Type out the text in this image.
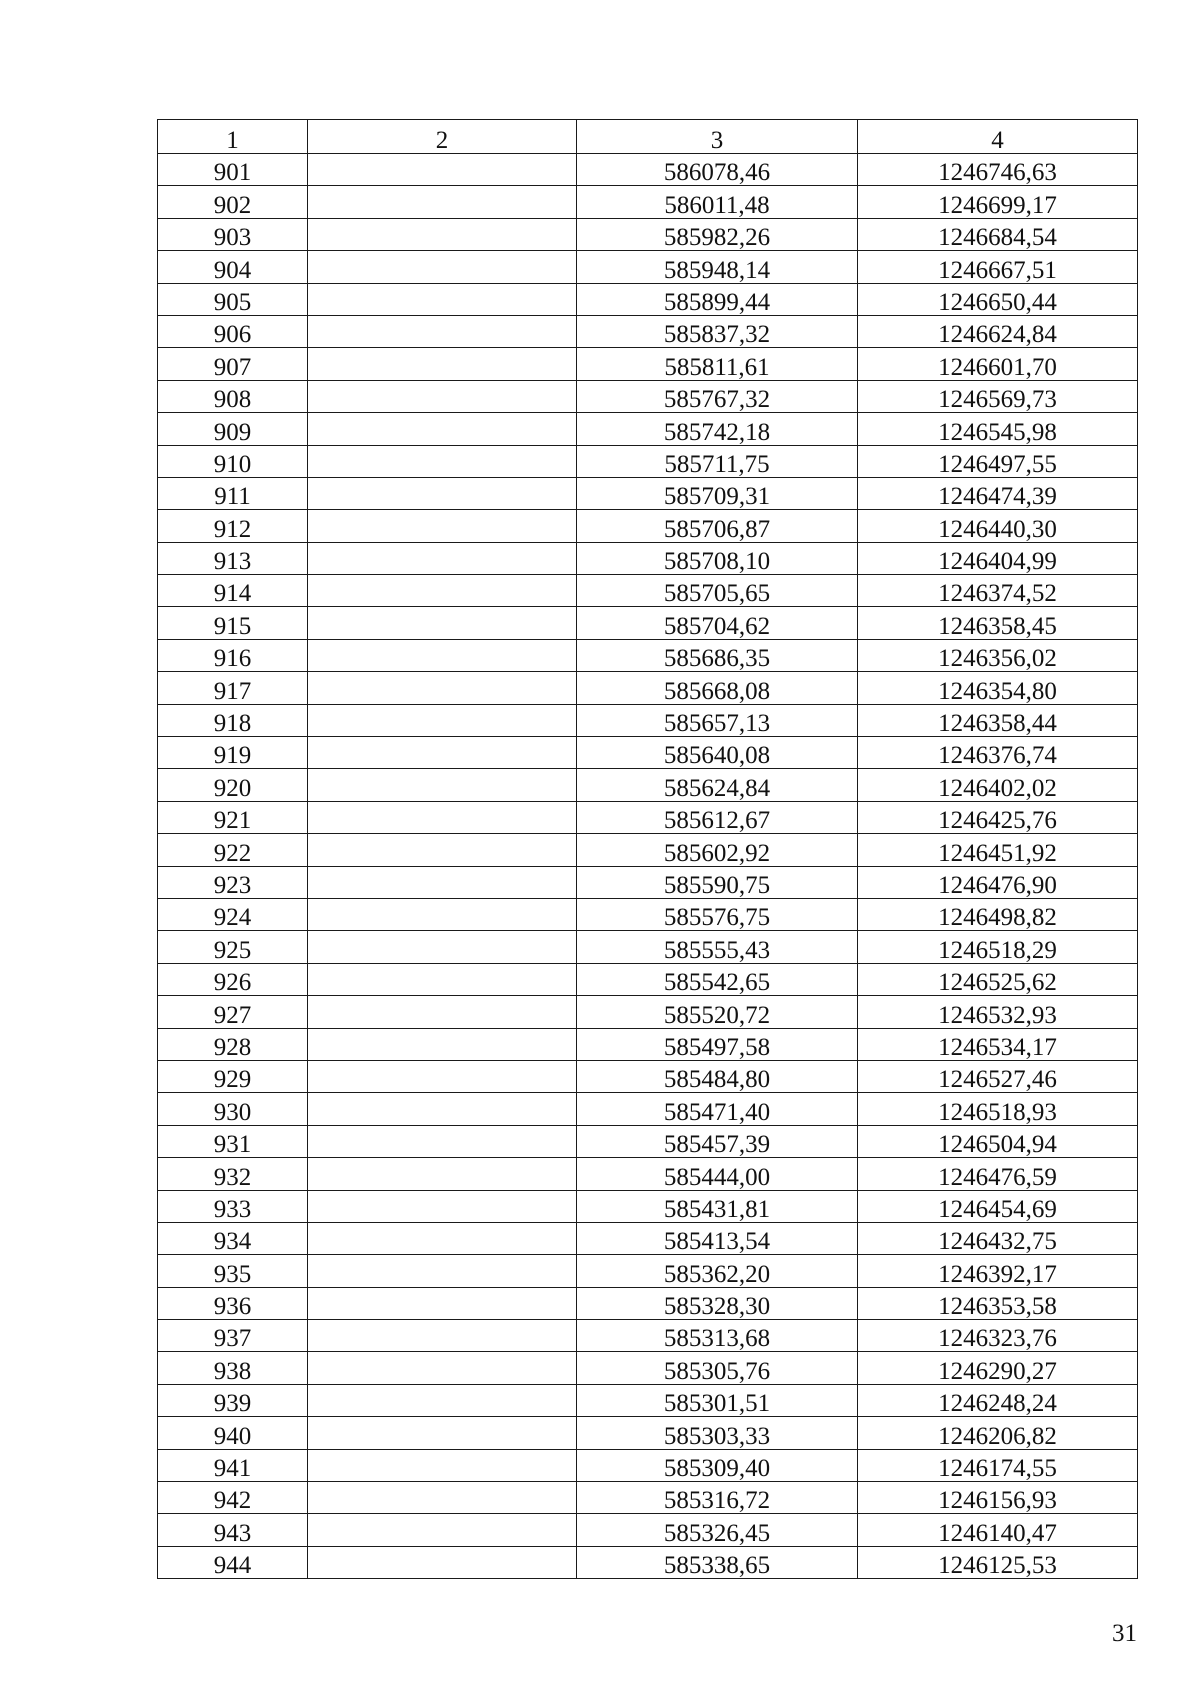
1	2	3	4
901		586078,46	1246746,63
902		586011,48	1246699,17
903		585982,26	1246684,54
904		585948,14	1246667,51
905		585899,44	1246650,44
906		585837,32	1246624,84
907		585811,61	1246601,70
908		585767,32	1246569,73
909		585742,18	1246545,98
910		585711,75	1246497,55
911		585709,31	1246474,39
912		585706,87	1246440,30
913		585708,10	1246404,99
914		585705,65	1246374,52
915		585704,62	1246358,45
916		585686,35	1246356,02
917		585668,08	1246354,80
918		585657,13	1246358,44
919		585640,08	1246376,74
920		585624,84	1246402,02
921		585612,67	1246425,76
922		585602,92	1246451,92
923		585590,75	1246476,90
924		585576,75	1246498,82
925		585555,43	1246518,29
926		585542,65	1246525,62
927		585520,72	1246532,93
928		585497,58	1246534,17
929		585484,80	1246527,46
930		585471,40	1246518,93
931		585457,39	1246504,94
932		585444,00	1246476,59
933		585431,81	1246454,69
934		585413,54	1246432,75
935		585362,20	1246392,17
936		585328,30	1246353,58
937		585313,68	1246323,76
938		585305,76	1246290,27
939		585301,51	1246248,24
940		585303,33	1246206,82
941		585309,40	1246174,55
942		585316,72	1246156,93
943		585326,45	1246140,47
944		585338,65	1246125,53
31
